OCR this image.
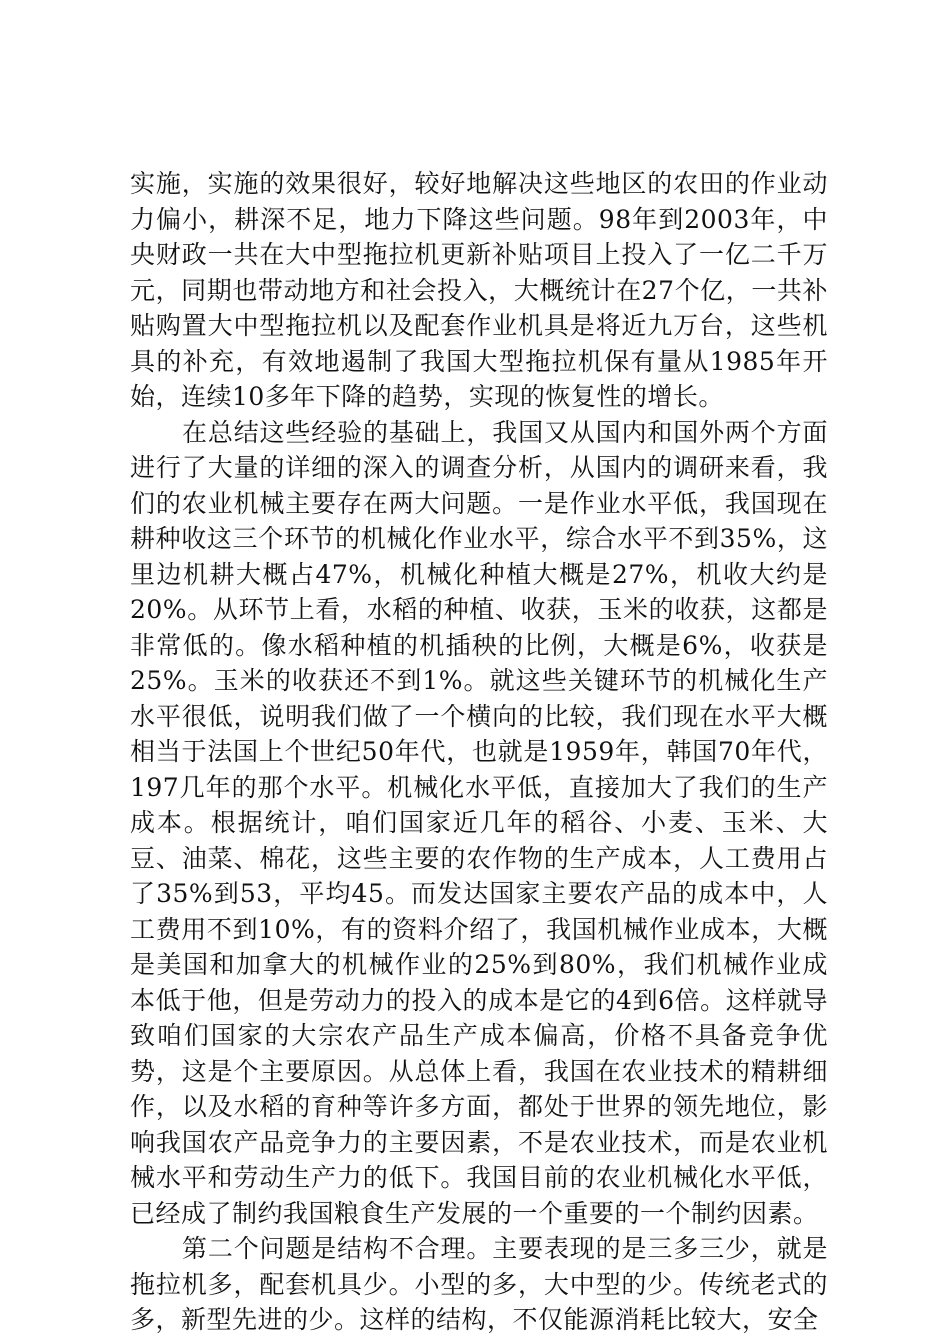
实施，实施的效果很好，较好地解决这些地区的农田的作业动力偏小，耕深不足，地力下降这些问题。98年到2003年，中央财政一共在大中型拖拉机更新补贴项目上投入了一亿二千万元，同期也带动地方和社会投入，大概统计在27个亿，一共补贴购置大中型拖拉机以及配套作业机具是将近九万台，这些机具的补充，有效地遏制了我国大型拖拉机保有量从1985年开始，连续10多年下降的趋势，实现的恢复性的增长。

在总结这些经验的基础上，我国又从国内和国外两个方面进行了大量的详细的深入的调查分析，从国内的调研来看，我们的农业机械主要存在两大问题。一是作业水平低，我国现在耕种收这三个环节的机械化作业水平，综合水平不到35%，这里边机耕大概占47%，机械化种植大概是27%，机收大约是20%。从环节上看，水稻的种植、收获，玉米的收获，这都是非常低的。像水稻种植的机插秧的比例，大概是6%，收获是25%。玉米的收获还不到1%。就这些关键环节的机械化生产水平很低，说明我们做了一个横向的比较，我们现在水平大概相当于法国上个世纪50年代，也就是1959年，韩国70年代，197几年的那个水平。机械化水平低，直接加大了我们的生产成本。根据统计，咱们国家近几年的稻谷、小麦、玉米、大豆、油菜、棉花，这些主要的农作物的生产成本，人工费用占了35%到53，平均45。而发达国家主要农产品的成本中，人工费用不到10%，有的资料介绍了，我国机械作业成本，大概是美国和加拿大的机械作业的25%到80%，我们机械作业成本低于他，但是劳动力的投入的成本是它的4到6倍。这样就导致咱们国家的大宗农产品生产成本偏高，价格不具备竞争优势，这是个主要原因。从总体上看，我国在农业技术的精耕细作，以及水稻的育种等许多方面，都处于世界的领先地位，影响我国农产品竞争力的主要因素，不是农业技术，而是农业机械水平和劳动生产力的低下。我国目前的农业机械化水平低，已经成了制约我国粮食生产发展的一个重要的一个制约因素。

第二个问题是结构不合理。主要表现的是三多三少，就是拖拉机多，配套机具少。小型的多，大中型的少。传统老式的多，新型先进的少。这样的结构，不仅能源消耗比较大，安全
